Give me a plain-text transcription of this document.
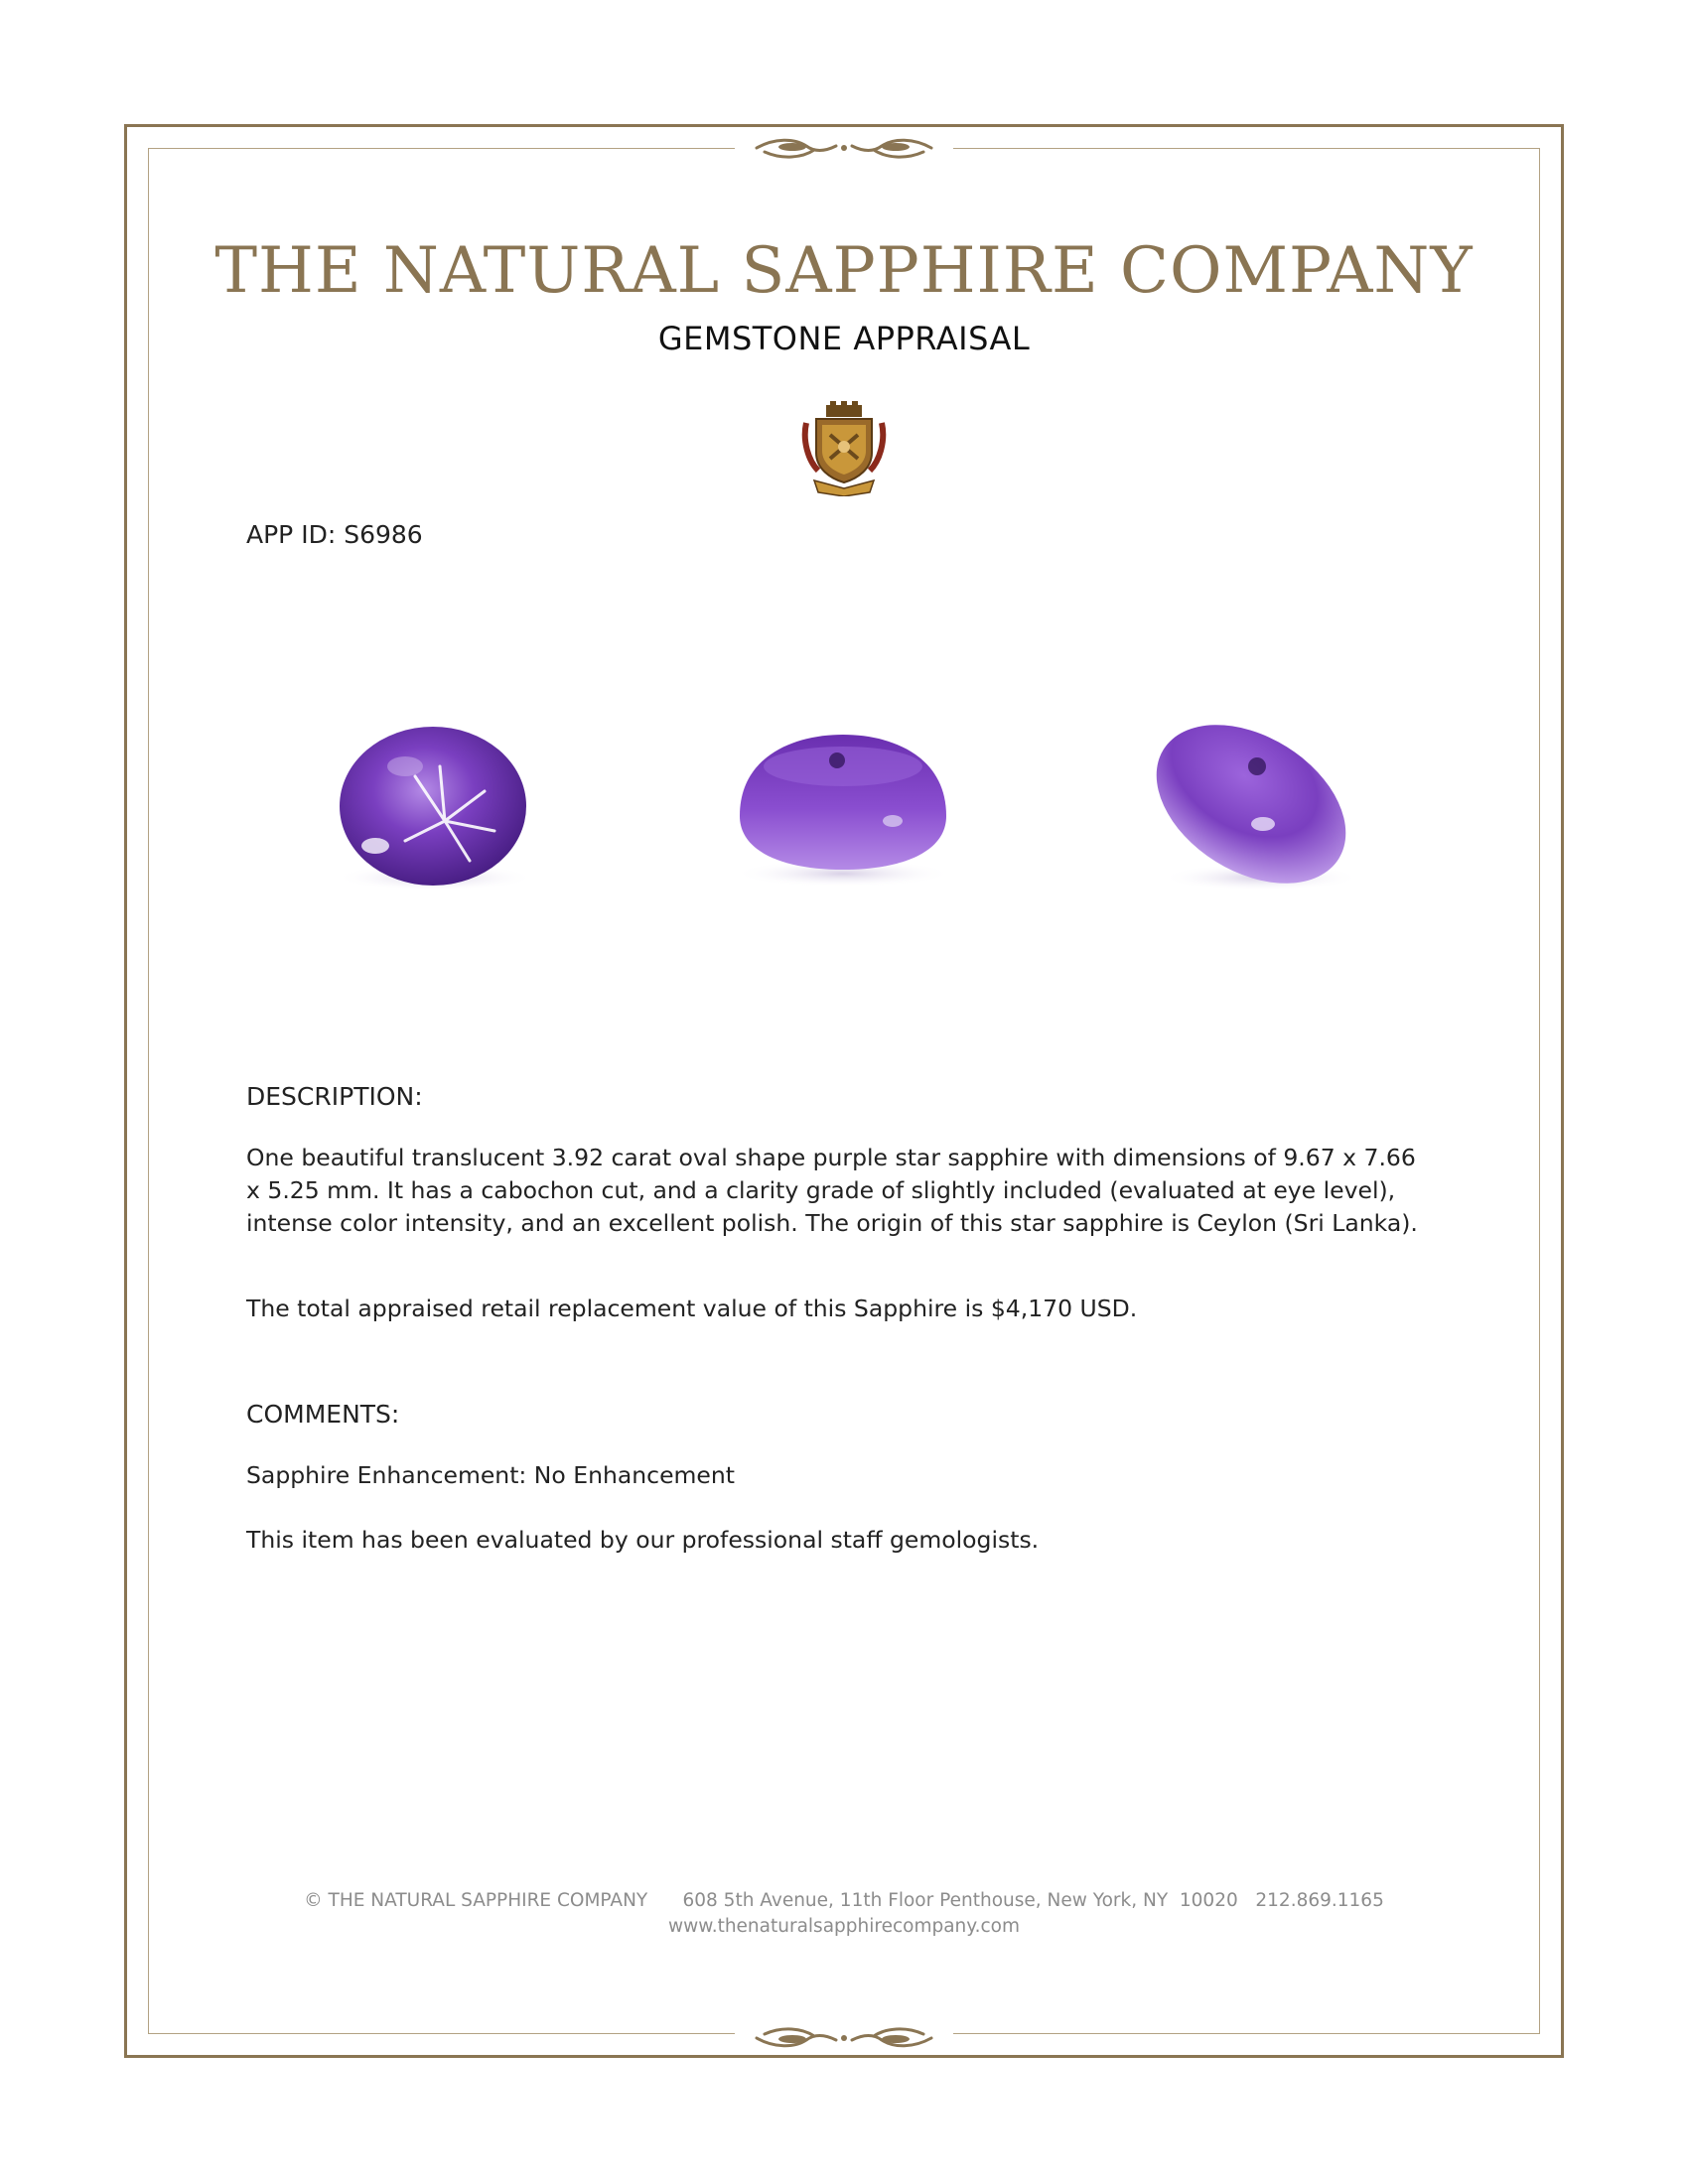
THE NATURAL SAPPHIRE COMPANY
GEMSTONE APPRAISAL
APP ID: S6986
DESCRIPTION:
One beautiful translucent 3.92 carat oval shape purple star sapphire with dimensions of 9.67 x 7.66
x 5.25 mm. It has a cabochon cut, and a clarity grade of slightly included (evaluated at eye level),
intense color intensity, and an excellent polish. The origin of this star sapphire is Ceylon (Sri Lanka).
The total appraised retail replacement value of this Sapphire is $4,170 USD.
COMMENTS:
Sapphire Enhancement: No Enhancement
This item has been evaluated by our professional staff gemologists.
© THE NATURAL SAPPHIRE COMPANY      608 5th Avenue, 11th Floor Penthouse, New York, NY  10020   212.869.1165
www.thenaturalsapphirecompany.com
